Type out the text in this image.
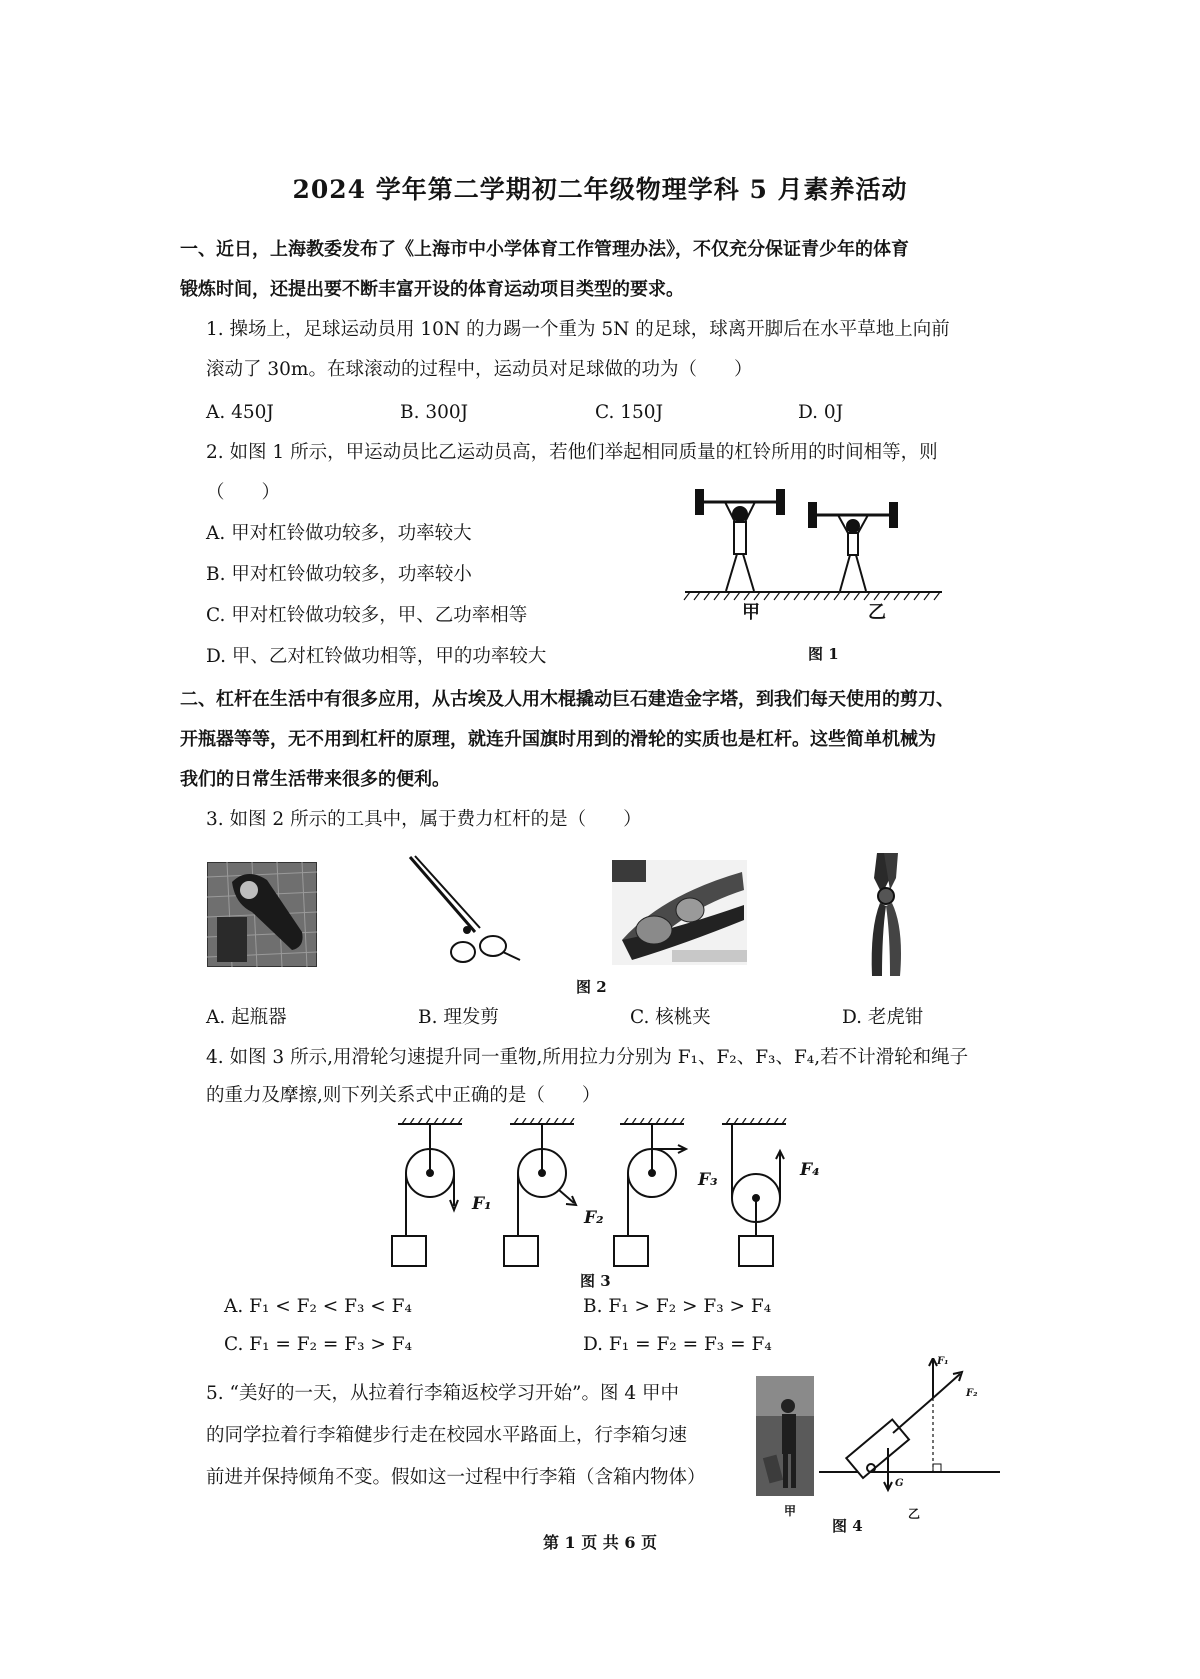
2024 学年第二学期初二年级物理学科 5 月素养活动
一、近日，上海教委发布了《上海市中小学体育工作管理办法》，不仅充分保证青少年的体育
锻炼时间，还提出要不断丰富开设的体育运动项目类型的要求。
1. 操场上，足球运动员用 10N 的力踢一个重为 5N 的足球，球离开脚后在水平草地上向前
滚动了 30m。在球滚动的过程中，运动员对足球做的功为（　　）
A. 450J	B. 300J	C. 150J	D. 0J
2. 如图 1 所示，甲运动员比乙运动员高，若他们举起相同质量的杠铃所用的时间相等，则
（　　）
A. 甲对杠铃做功较多，功率较大
B. 甲对杠铃做功较多，功率较小
C. 甲对杠铃做功较多，甲、乙功率相等
D. 甲、乙对杠铃做功相等，甲的功率较大
甲	乙
图 1
二、杠杆在生活中有很多应用，从古埃及人用木棍撬动巨石建造金字塔，到我们每天使用的剪刀、
开瓶器等等，无不用到杠杆的原理，就连升国旗时用到的滑轮的实质也是杠杆。这些简单机械为
我们的日常生活带来很多的便利。
3. 如图 2 所示的工具中，属于费力杠杆的是（　　）
图 2
A. 起瓶器	B. 理发剪	C. 核桃夹	D. 老虎钳
4. 如图 3 所示,用滑轮匀速提升同一重物,所用拉力分别为 F₁、F₂、F₃、F₄,若不计滑轮和绳子
的重力及摩擦,则下列关系式中正确的是（　　）
F₁
F₂
F₃	F₄
图 3
A. F₁ < F₂ < F₃ < F₄	B. F₁ > F₂ > F₃ > F₄
C. F₁ = F₂ = F₃ > F₄	D. F₁ = F₂ = F₃ = F₄
5. “美好的一天，从拉着行李箱返校学习开始”。图 4 甲中
的同学拉着行李箱健步行走在校园水平路面上，行李箱匀速
前进并保持倾角不变。假如这一过程中行李箱（含箱内物体）
F₁
F₂
G
甲	乙
图 4
第 1 页 共 6 页
